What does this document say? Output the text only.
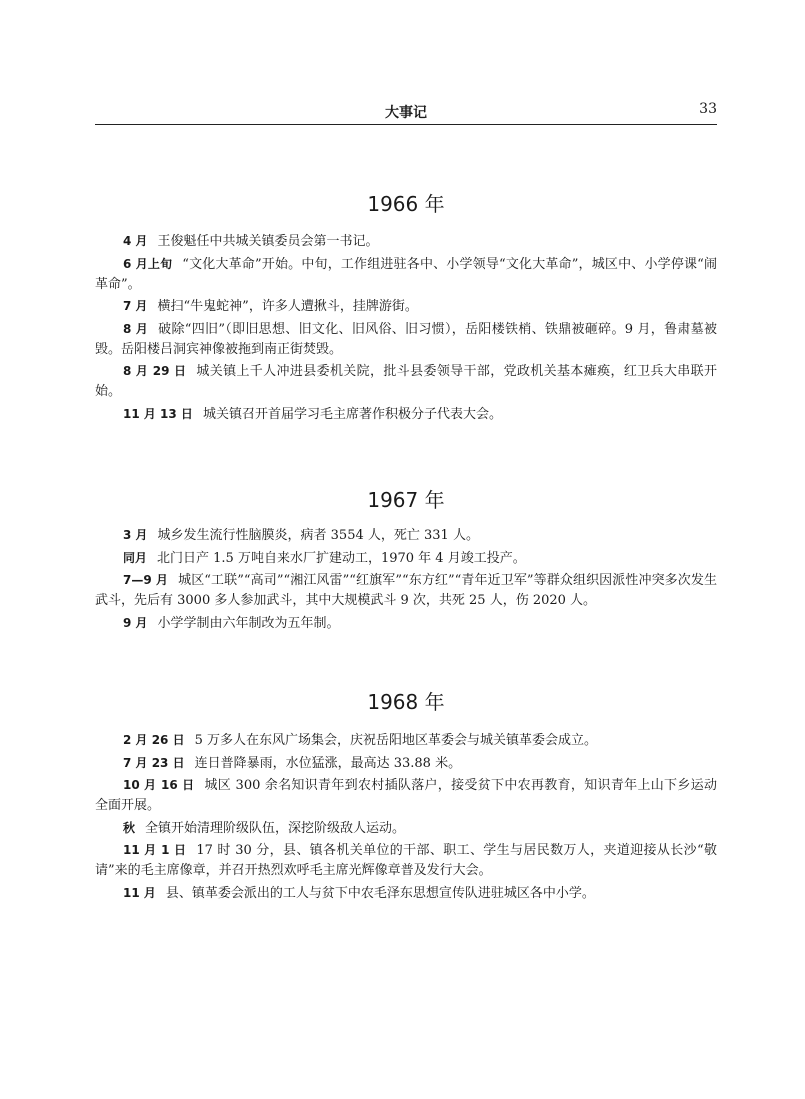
大事记	33
1966 年

4 月 王俊魁任中共城关镇委员会第一书记。

6 月上旬 “文化大革命”开始。中旬，工作组进驻各中、小学领导“文化大革命”，城区中、小学停课“闹革命”。

7 月 横扫“牛鬼蛇神”，许多人遭揪斗，挂牌游街。

8 月 破除“四旧”（即旧思想、旧文化、旧风俗、旧习惯），岳阳楼铁梢、铁鼎被砸碎。9 月，鲁肃墓被毁。岳阳楼吕洞宾神像被拖到南正街焚毁。

8 月 29 日 城关镇上千人冲进县委机关院，批斗县委领导干部，党政机关基本瘫痪，红卫兵大串联开始。

11 月 13 日 城关镇召开首届学习毛主席著作积极分子代表大会。

1967 年

3 月 城乡发生流行性脑膜炎，病者 3554 人，死亡 331 人。

同月 北门日产 1.5 万吨自来水厂扩建动工，1970 年 4 月竣工投产。

7—9 月 城区“工联”“高司”“湘江风雷”“红旗军”“东方红”“青年近卫军”等群众组织因派性冲突多次发生武斗，先后有 3000 多人参加武斗，其中大规模武斗 9 次，共死 25 人，伤 2020 人。

9 月 小学学制由六年制改为五年制。

1968 年

2 月 26 日 5 万多人在东风广场集会，庆祝岳阳地区革委会与城关镇革委会成立。

7 月 23 日 连日普降暴雨，水位猛涨，最高达 33.88 米。

10 月 16 日 城区 300 余名知识青年到农村插队落户，接受贫下中农再教育，知识青年上山下乡运动全面开展。

秋 全镇开始清理阶级队伍，深挖阶级敌人运动。

11 月 1 日 17 时 30 分，县、镇各机关单位的干部、职工、学生与居民数万人，夹道迎接从长沙“敬请”来的毛主席像章，并召开热烈欢呼毛主席光辉像章普及发行大会。

11 月 县、镇革委会派出的工人与贫下中农毛泽东思想宣传队进驻城区各中小学。
